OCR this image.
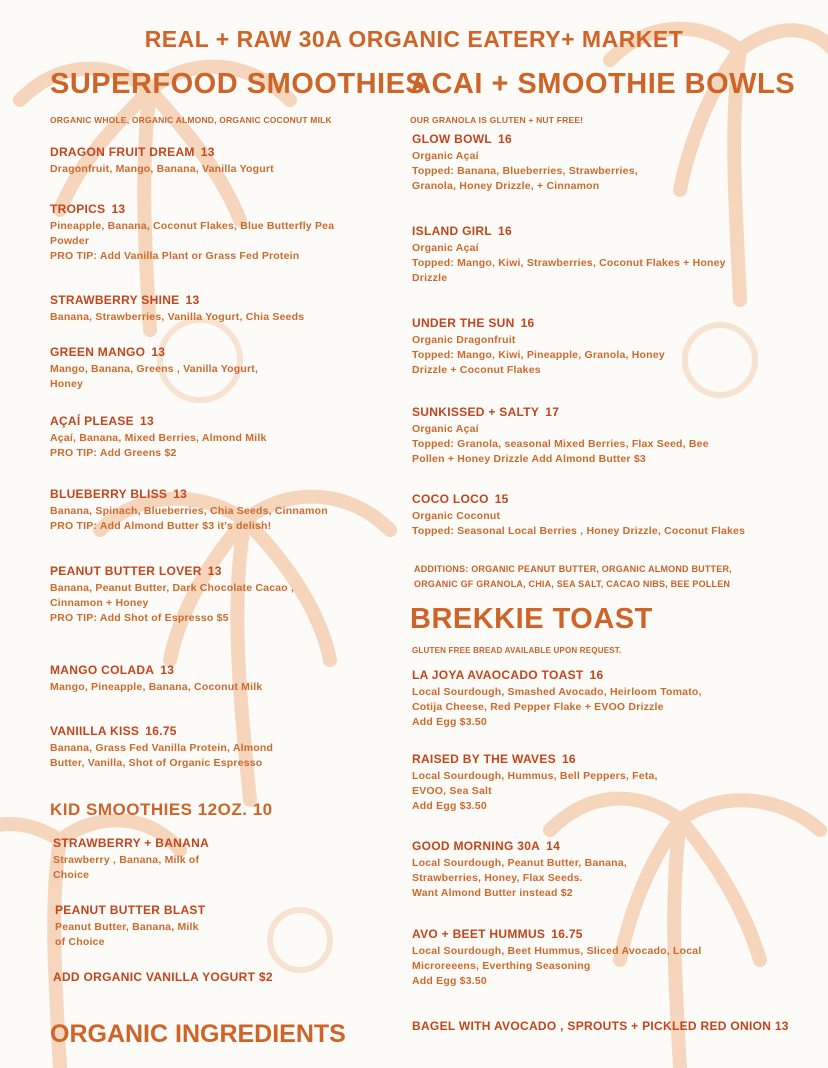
REAL + RAW 30A ORGANIC EATERY+ MARKET
SUPERFOOD SMOOTHIES
ORGANIC WHOLE, ORGANIC ALMOND, ORGANIC COCONUT MILK
DRAGON FRUIT DREAM 13
Dragonfruit, Mango, Banana, Vanilla Yogurt
TROPICS 13
Pineapple, Banana, Coconut Flakes, Blue Butterfly Pea
Powder
PRO TIP: Add Vanilla Plant or Grass Fed Protein
STRAWBERRY SHINE 13
Banana, Strawberries, Vanilla Yogurt, Chia Seeds
GREEN MANGO 13
Mango, Banana, Greens , Vanilla Yogurt,
Honey
AÇAÍ PLEASE 13
Açaí, Banana, Mixed Berries, Almond Milk
PRO TIP: Add Greens $2
BLUEBERRY BLISS 13
Banana, Spinach, Blueberries, Chia Seeds, Cinnamon
PRO TIP: Add Almond Butter $3 it's delish!
PEANUT BUTTER LOVER 13
Banana, Peanut Butter, Dark Chocolate Cacao ,
Cinnamon + Honey
PRO TIP: Add Shot of Espresso $5
MANGO COLADA 13
Mango, Pineapple, Banana, Coconut Milk
VANIILLA KISS 16.75
Banana, Grass Fed Vanilla Protein, Almond
Butter, Vanilla, Shot of Organic Espresso
KID SMOOTHIES 12OZ. 10
STRAWBERRY + BANANA
Strawberry , Banana, Milk of
Choice
PEANUT BUTTER BLAST
Peanut Butter, Banana, Milk
of Choice
ADD ORGANIC VANILLA YOGURT $2
ORGANIC INGREDIENTS
ACAI + SMOOTHIE BOWLS
OUR GRANOLA IS GLUTEN + NUT FREE!
GLOW BOWL 16
Organic Açaí
Topped: Banana, Blueberries, Strawberries,
Granola, Honey Drizzle, + Cinnamon
ISLAND GIRL 16
Organic Açaí
Topped: Mango, Kiwi, Strawberries, Coconut Flakes + Honey
Drizzle
UNDER THE SUN 16
Organic Dragonfruit
Topped: Mango, Kiwi, Pineapple, Granola, Honey
Drizzle + Coconut Flakes
SUNKISSED + SALTY 17
Organic Açaí
Topped: Granola, seasonal Mixed Berries, Flax Seed, Bee
Pollen + Honey Drizzle Add Almond Butter $3
COCO LOCO 15
Organic Coconut
Topped: Seasonal Local Berries , Honey Drizzle, Coconut Flakes
ADDITIONS: ORGANIC PEANUT BUTTER, ORGANIC ALMOND BUTTER,
ORGANIC GF GRANOLA, CHIA, SEA SALT, CACAO NIBS, BEE POLLEN
BREKKIE TOAST
GLUTEN FREE BREAD AVAILABLE UPON REQUEST.
LA JOYA AVAOCADO TOAST 16
Local Sourdough, Smashed Avocado, Heirloom Tomato,
Cotija Cheese, Red Pepper Flake + EVOO Drizzle
Add Egg $3.50
RAISED BY THE WAVES 16
Local Sourdough, Hummus, Bell Peppers, Feta,
EVOO, Sea Salt
Add Egg $3.50
GOOD MORNING 30A 14
Local Sourdough, Peanut Butter, Banana,
Strawberries, Honey, Flax Seeds.
Want Almond Butter instead $2
AVO + BEET HUMMUS 16.75
Local Sourdough, Beet Hummus, Sliced Avocado, Local
Microreeens, Everthing Seasoning
Add Egg $3.50
BAGEL WITH AVOCADO , SPROUTS + PICKLED RED ONION 13
